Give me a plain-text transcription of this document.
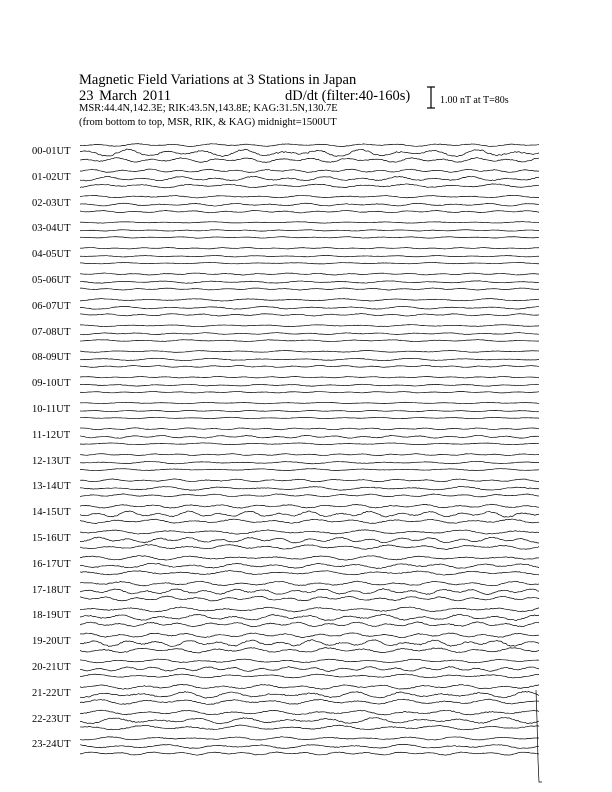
Magnetic Field Variations at 3 Stations in Japan
23 March 2011	dD/dt (filter:40-160s)
MSR:44.4N,142.3E; RIK:43.5N,143.8E; KAG:31.5N,130.7E
(from bottom to top, MSR, RIK, & KAG) midnight=1500UT
1.00 nT at T=80s
00-01UT
01-02UT
02-03UT
03-04UT
04-05UT
05-06UT
06-07UT
07-08UT
08-09UT
09-10UT
10-11UT
11-12UT
12-13UT
13-14UT
14-15UT
15-16UT
16-17UT
17-18UT
18-19UT
19-20UT
20-21UT
21-22UT
22-23UT
23-24UT
